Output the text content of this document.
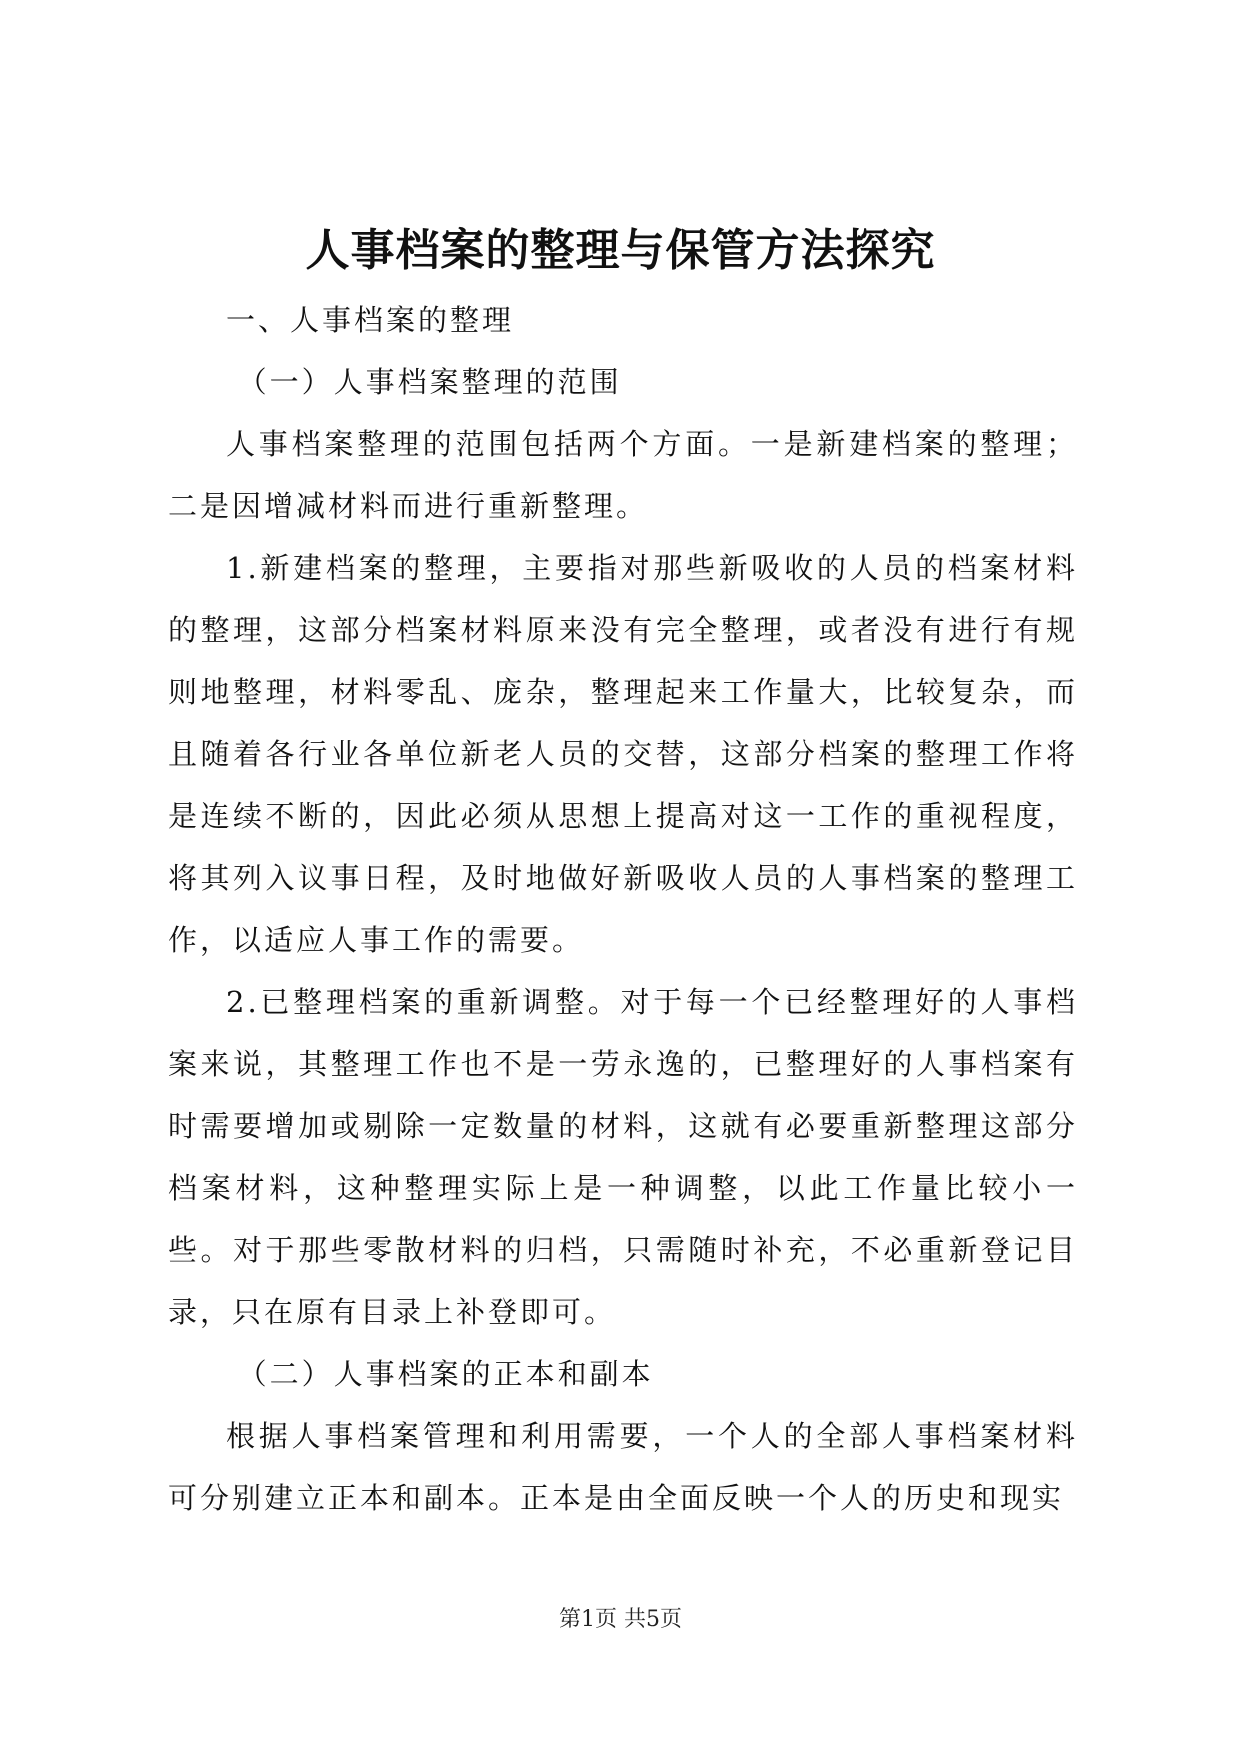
人事档案的整理与保管方法探究

一、人事档案的整理

（一）人事档案整理的范围

人事档案整理的范围包括两个方面。一是新建档案的整理；二是因增减材料而进行重新整理。

1.新建档案的整理，主要指对那些新吸收的人员的档案材料的整理，这部分档案材料原来没有完全整理，或者没有进行有规则地整理，材料零乱、庞杂，整理起来工作量大，比较复杂，而且随着各行业各单位新老人员的交替，这部分档案的整理工作将是连续不断的，因此必须从思想上提高对这一工作的重视程度，将其列入议事日程，及时地做好新吸收人员的人事档案的整理工作，以适应人事工作的需要。

2.已整理档案的重新调整。对于每一个已经整理好的人事档案来说，其整理工作也不是一劳永逸的，已整理好的人事档案有时需要增加或剔除一定数量的材料，这就有必要重新整理这部分档案材料，这种整理实际上是一种调整，以此工作量比较小一些。对于那些零散材料的归档，只需随时补充，不必重新登记目录，只在原有目录上补登即可。

（二）人事档案的正本和副本

根据人事档案管理和利用需要，一个人的全部人事档案材料可分别建立正本和副本。正本是由全面反映一个人的历史和现实

第1页 共5页
